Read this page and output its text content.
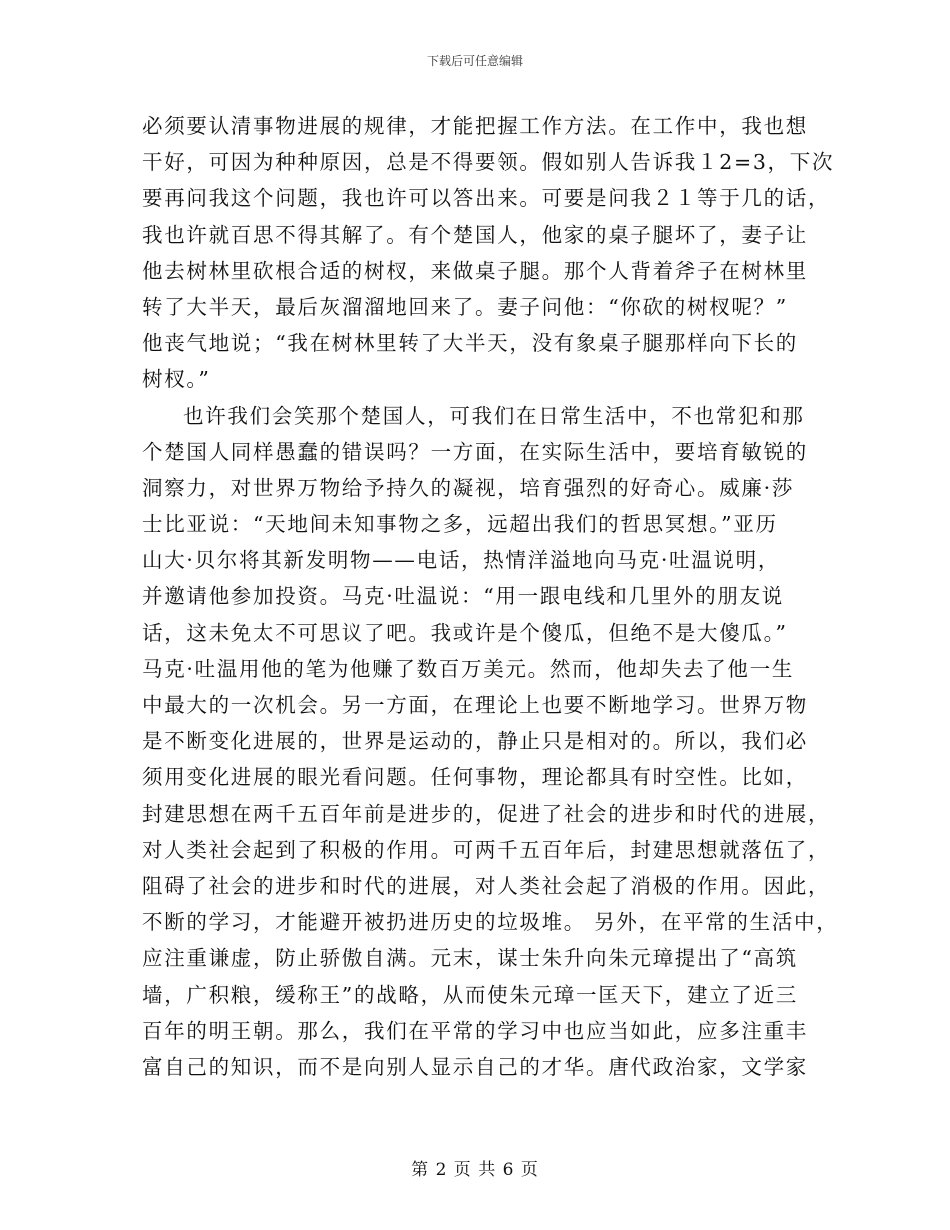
下载后可任意编辑
必须要认清事物进展的规律，才能把握工作方法。在工作中，我也想
干好，可因为种种原因，总是不得要领。假如别人告诉我１2=3，下次
要再问我这个问题，我也许可以答出来。可要是问我２１等于几的话，
我也许就百思不得其解了。有个楚国人，他家的桌子腿坏了，妻子让
他去树林里砍根合适的树杈，来做桌子腿。那个人背着斧子在树林里
转了大半天，最后灰溜溜地回来了。妻子问他：“你砍的树杈呢？”
他丧气地说；“我在树林里转了大半天，没有象桌子腿那样向下长的
树杈。”
也许我们会笑那个楚国人，可我们在日常生活中，不也常犯和那
个楚国人同样愚蠢的错误吗？一方面，在实际生活中，要培育敏锐的
洞察力，对世界万物给予持久的凝视，培育强烈的好奇心。威廉·莎
士比亚说：“天地间未知事物之多，远超出我们的哲思冥想。”亚历
山大·贝尔将其新发明物——电话，热情洋溢地向马克·吐温说明，
并邀请他参加投资。马克·吐温说：“用一跟电线和几里外的朋友说
话，这未免太不可思议了吧。我或许是个傻瓜，但绝不是大傻瓜。”
马克·吐温用他的笔为他赚了数百万美元。然而，他却失去了他一生
中最大的一次机会。另一方面，在理论上也要不断地学习。世界万物
是不断变化进展的，世界是运动的，静止只是相对的。所以，我们必
须用变化进展的眼光看问题。任何事物，理论都具有时空性。比如，
封建思想在两千五百年前是进步的，促进了社会的进步和时代的进展，
对人类社会起到了积极的作用。可两千五百年后，封建思想就落伍了，
阻碍了社会的进步和时代的进展，对人类社会起了消极的作用。因此，
不断的学习，才能避开被扔进历史的垃圾堆。 另外，在平常的生活中，
应注重谦虚，防止骄傲自满。元末，谋士朱升向朱元璋提出了“高筑
墙，广积粮，缓称王”的战略，从而使朱元璋一匡天下，建立了近三
百年的明王朝。那么，我们在平常的学习中也应当如此，应多注重丰
富自己的知识，而不是向别人显示自己的才华。唐代政治家，文学家
第 2 页 共 6 页
